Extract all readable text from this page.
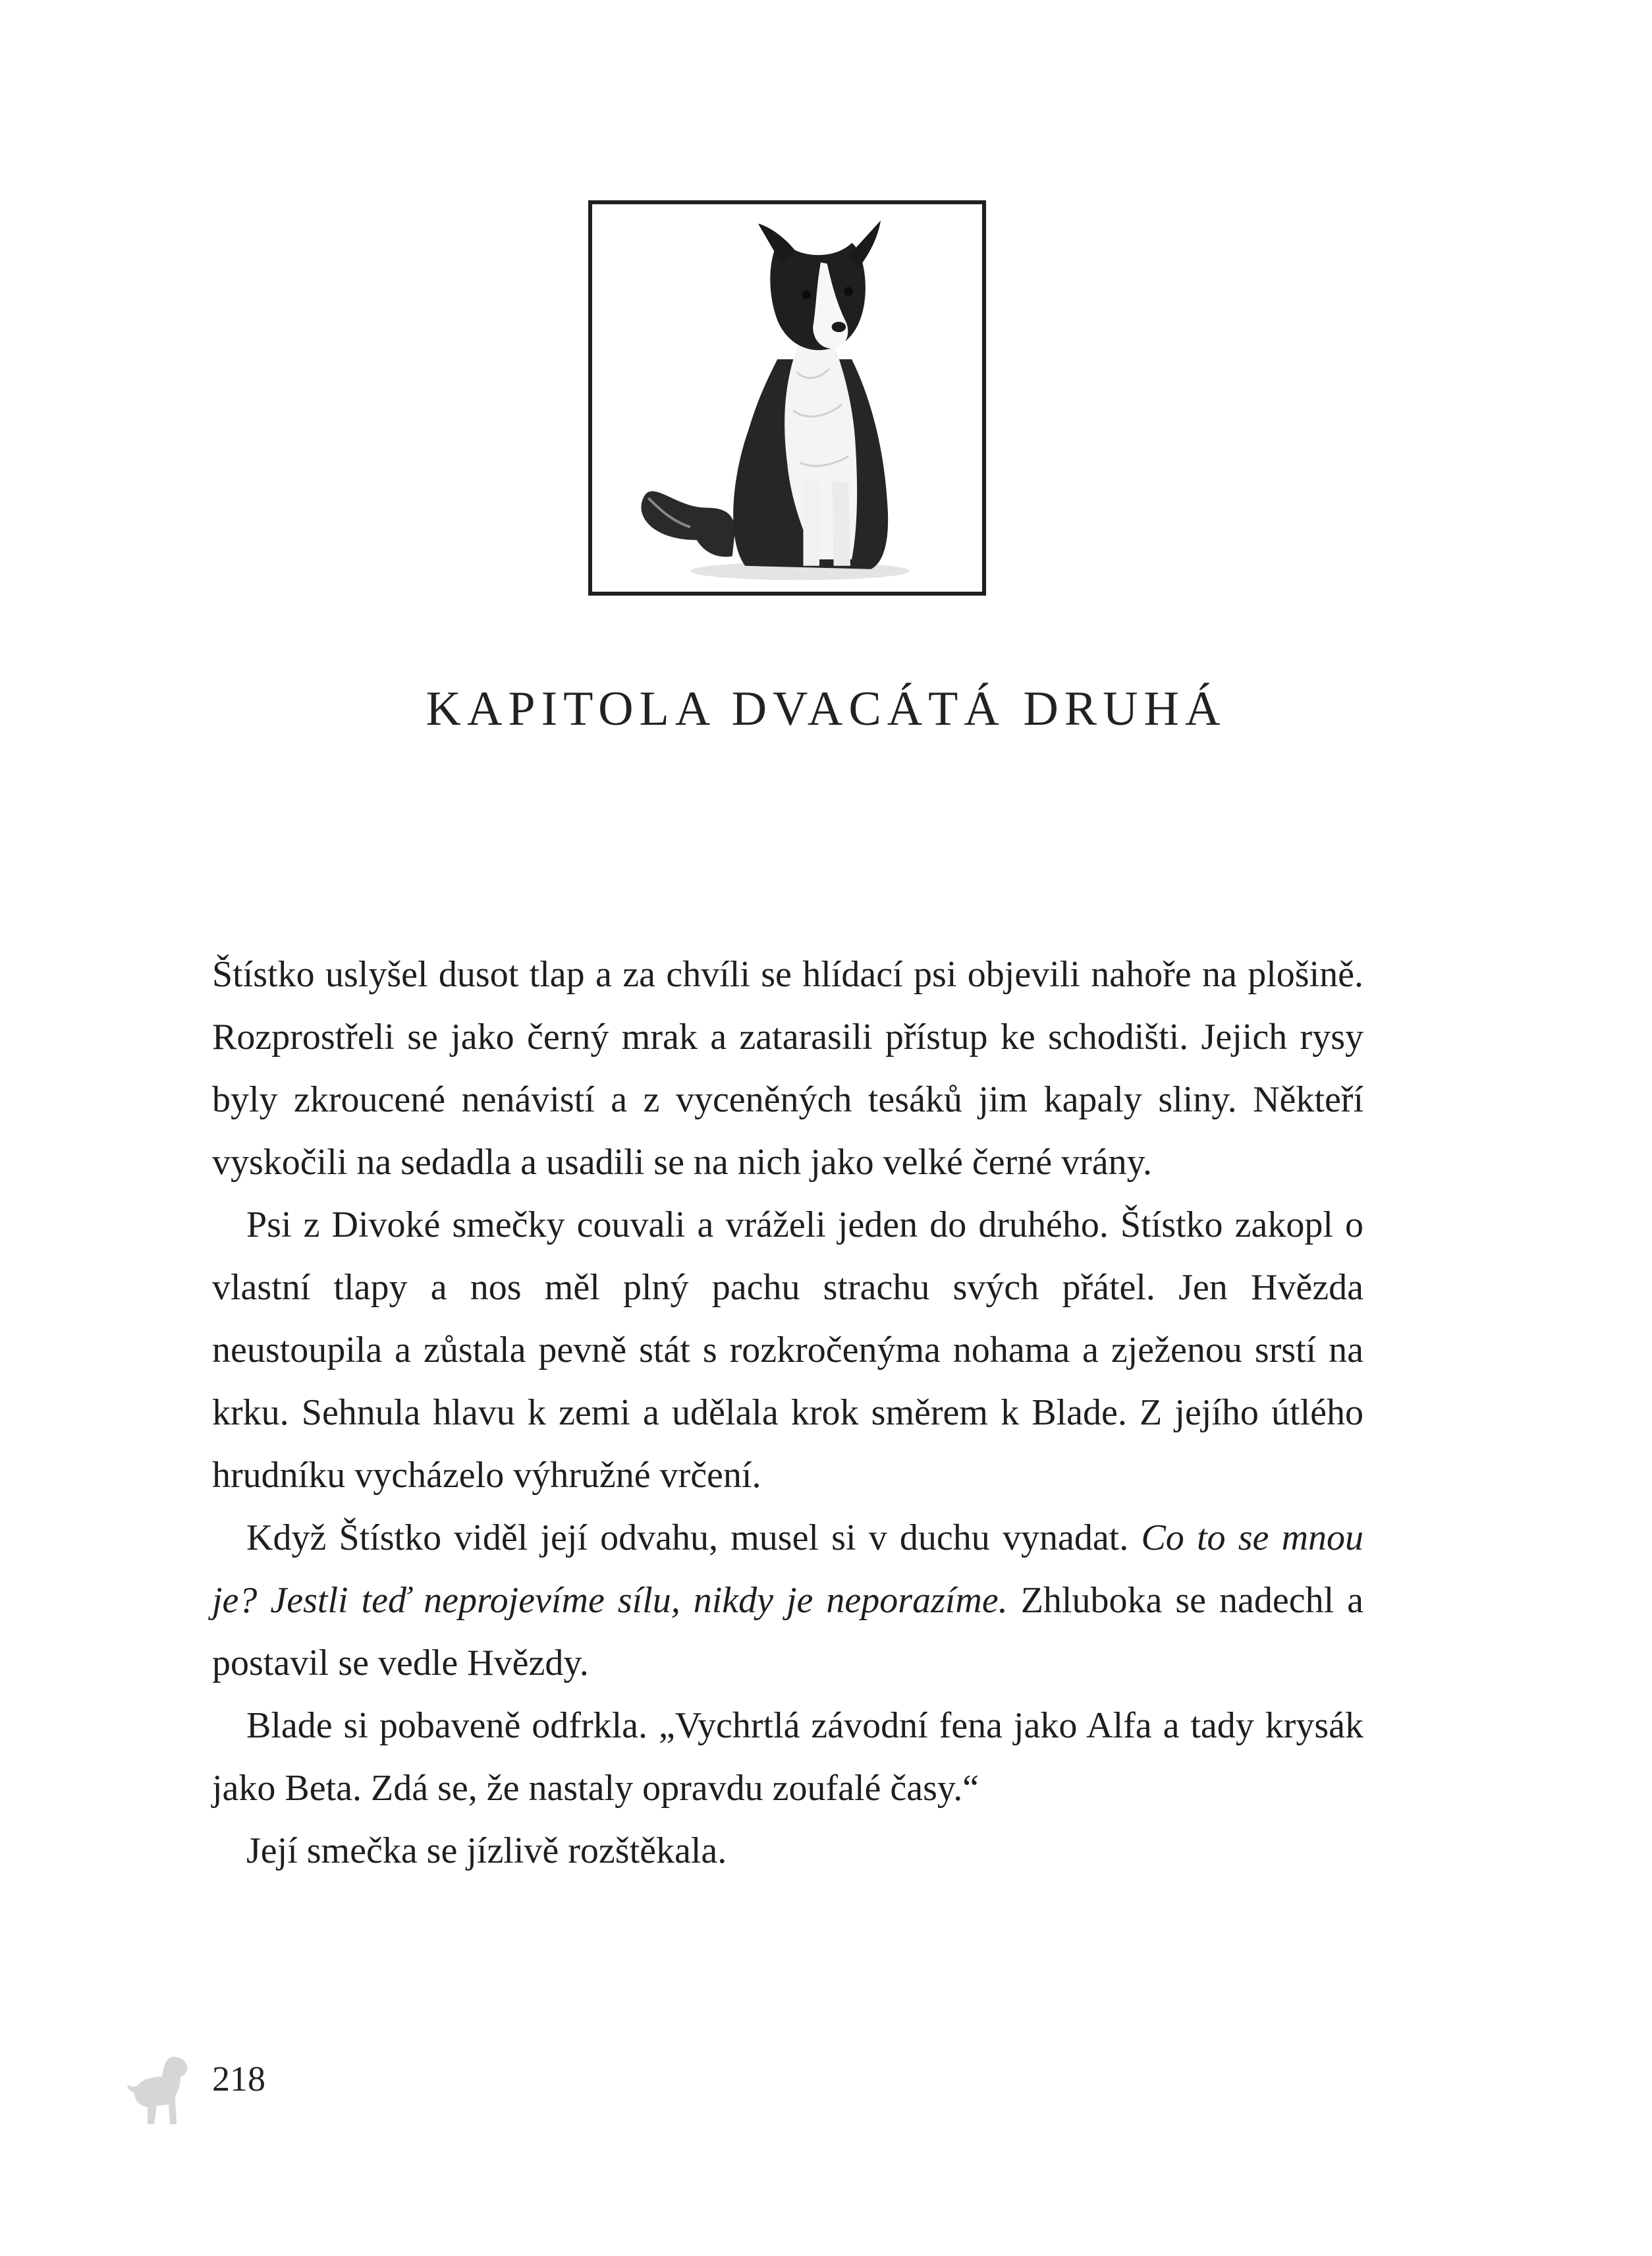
KAPITOLA DVACÁTÁ DRUHÁ

Štístko uslyšel dusot tlap a za chvíli se hlídací psi objevili nahoře na plošině. Rozprostřeli se jako černý mrak a zatarasili přístup ke schodišti. Jejich rysy byly zkroucené nenávistí a z vyceněných tesáků jim kapaly sliny. Někteří vyskočili na sedadla a usadili se na nich jako velké černé vrány.

Psi z Divoké smečky couvali a vráželi jeden do druhého. Štístko zakopl o vlastní tlapy a nos měl plný pachu strachu svých přátel. Jen Hvězda neustoupila a zůstala pevně stát s rozkročenýma nohama a zježenou srstí na krku. Sehnula hlavu k zemi a udělala krok směrem k Blade. Z jejího útlého hrudníku vycházelo výhružné vrčení.

Když Štístko viděl její odvahu, musel si v duchu vynadat. Co to se mnou je? Jestli teď neprojevíme sílu, nikdy je neporazíme. Zhluboka se nadechl a postavil se vedle Hvězdy.

Blade si pobaveně odfrkla. „Vychrtlá závodní fena jako Alfa a tady krysák jako Beta. Zdá se, že nastaly opravdu zoufalé časy.“

Její smečka se jízlivě rozštěkala.

218
